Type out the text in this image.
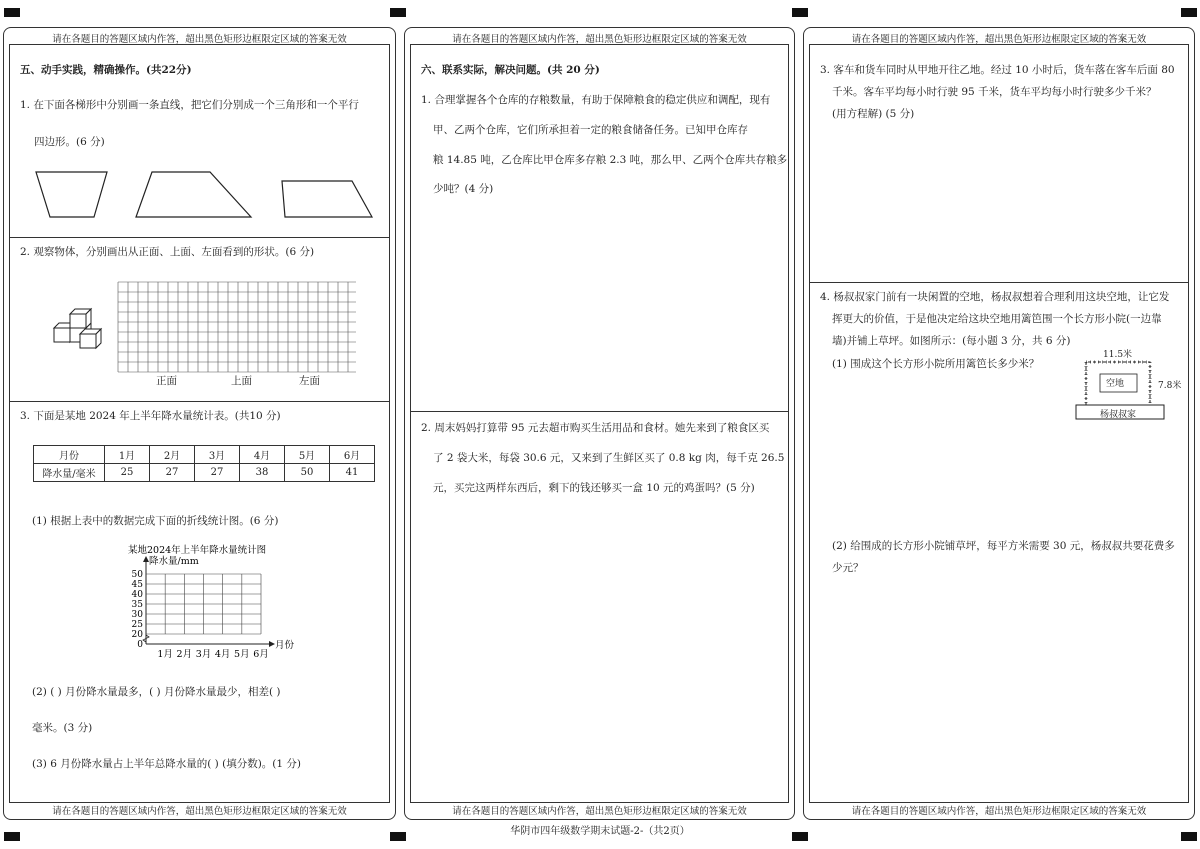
请在各题目的答题区域内作答，超出黑色矩形边框限定区域的答案无效
请在各题目的答题区域内作答，超出黑色矩形边框限定区域的答案无效
五、动手实践，精确操作。(共22分)
1. 在下面各梯形中分别画一条直线，把它们分别成一个三角形和一个平行
四边形。(6 分)
2. 观察物体，分别画出从正面、上面、左面看到的形状。(6 分)
正面	上面	左面
3. 下面是某地 2024 年上半年降水量统计表。(共10 分)
月份	1月	2月	3月	4月	5月	6月
降水量/毫米	25	27	27	38	50	41
(1) 根据上表中的数据完成下面的折线统计图。(6 分)
某地2024年上半年降水量统计图
降水量/mm
月份
50
45
40
35
30
25
20
0
1月 2月 3月 4月 5月 6月
(2) ( ) 月份降水量最多，( ) 月份降水量最少，相差( )
毫米。(3 分)
(3) 6 月份降水量占上半年总降水量的( ) (填分数)。(1 分)
请在各题目的答题区域内作答，超出黑色矩形边框限定区域的答案无效
请在各题目的答题区域内作答，超出黑色矩形边框限定区域的答案无效
六、联系实际，解决问题。(共 20 分)
1. 合理掌握各个仓库的存粮数量，有助于保障粮食的稳定供应和调配，现有
甲、乙两个仓库，它们所承担着一定的粮食储备任务。已知甲仓库存
粮 14.85 吨，乙仓库比甲仓库多存粮 2.3 吨，那么甲、乙两个仓库共存粮多
少吨？(4 分)
2. 周末妈妈打算带 95 元去超市购买生活用品和食材。她先来到了粮食区买
了 2 袋大米，每袋 30.6 元，又来到了生鲜区买了 0.8 kg 肉，每千克 26.5
元，买完这两样东西后，剩下的钱还够买一盒 10 元的鸡蛋吗？(5 分)
请在各题目的答题区域内作答，超出黑色矩形边框限定区域的答案无效
请在各题目的答题区域内作答，超出黑色矩形边框限定区域的答案无效
3. 客车和货车同时从甲地开往乙地。经过 10 小时后，货车落在客车后面 80
千米。客车平均每小时行驶 95 千米，货车平均每小时行驶多少千米？
(用方程解) (5 分)
4. 杨叔叔家门前有一块闲置的空地，杨叔叔想着合理利用这块空地，让它发
挥更大的价值，于是他决定给这块空地用篱笆围一个长方形小院(一边靠
墙)并铺上草坪。如图所示：(每小题 3 分，共 6 分)
(1) 围成这个长方形小院所用篱笆长多少米？
11.5米
空地	7.8米
杨叔叔家
(2) 给围成的长方形小院铺草坪，每平方米需要 30 元，杨叔叔共要花费多
少元？
华阴市四年级数学期末试题-2-（共2页）
